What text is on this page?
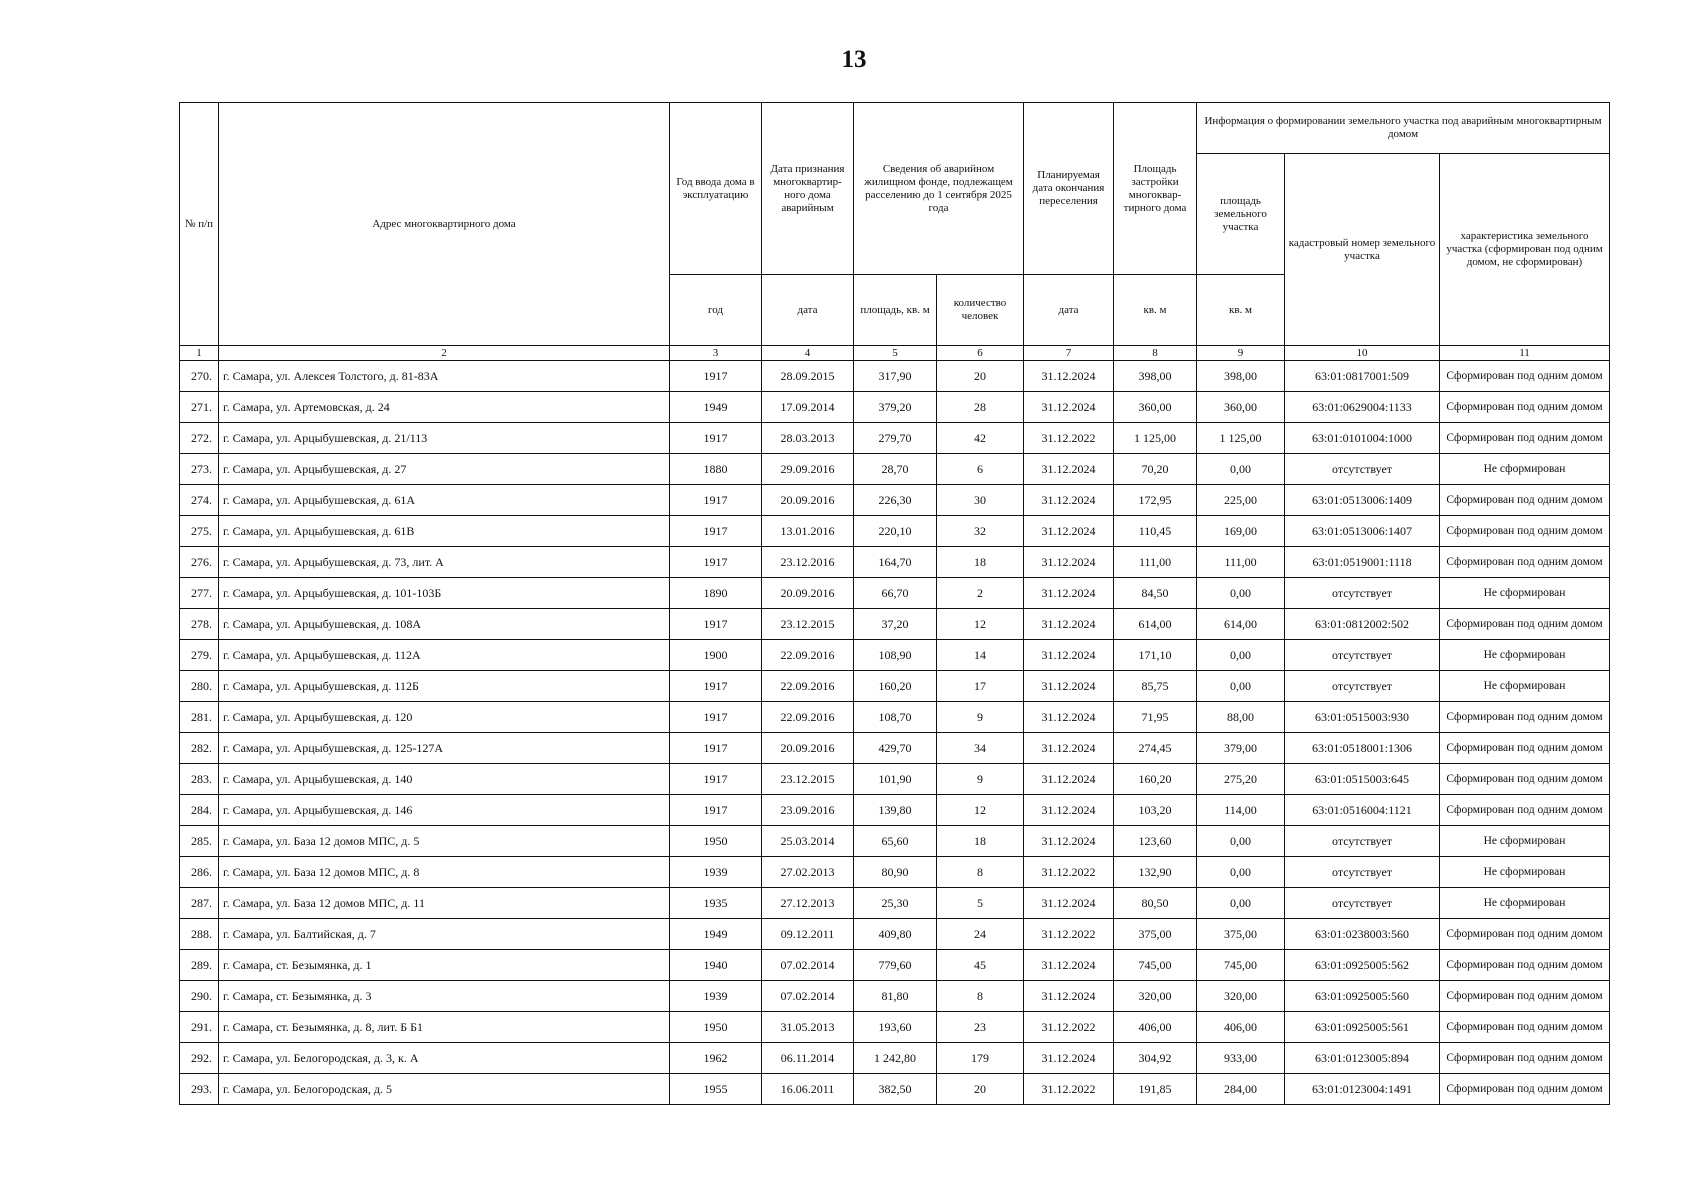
13
№ п/п	Адрес многоквартирного дома	Год ввода дома в эксплуатацию	Дата признания многоквартир-ного дома аварийным	Сведения об аварийном жилищном фонде, подлежащем расселению до 1 сентября 2025 года		Планируемая дата окончания переселения	Площадь застройки многоквар-тирного дома	Информация о формировании земельного участка под аварийным многоквартирным домом		
								площадь земельного участка	кадастровый номер земельного участка	характеристика земельного участка (сформирован под одним домом, не сформирован)
		год	дата	площадь, кв. м	количество человек	дата	кв. м	кв. м		
1	2	3	4	5	6	7	8	9	10	11
270.	г. Самара, ул. Алексея Толстого, д. 81-83А	1917	28.09.2015	317,90	20	31.12.2024	398,00	398,00	63:01:0817001:509	Сформирован под одним домом
271.	г. Самара, ул. Артемовская, д. 24	1949	17.09.2014	379,20	28	31.12.2024	360,00	360,00	63:01:0629004:1133	Сформирован под одним домом
272.	г. Самара, ул. Арцыбушевская, д. 21/113	1917	28.03.2013	279,70	42	31.12.2022	1 125,00	1 125,00	63:01:0101004:1000	Сформирован под одним домом
273.	г. Самара, ул. Арцыбушевская, д. 27	1880	29.09.2016	28,70	6	31.12.2024	70,20	0,00	отсутствует	Не сформирован
274.	г. Самара, ул. Арцыбушевская, д. 61А	1917	20.09.2016	226,30	30	31.12.2024	172,95	225,00	63:01:0513006:1409	Сформирован под одним домом
275.	г. Самара, ул. Арцыбушевская, д. 61В	1917	13.01.2016	220,10	32	31.12.2024	110,45	169,00	63:01:0513006:1407	Сформирован под одним домом
276.	г. Самара, ул. Арцыбушевская, д. 73, лит. А	1917	23.12.2016	164,70	18	31.12.2024	111,00	111,00	63:01:0519001:1118	Сформирован под одним домом
277.	г. Самара, ул. Арцыбушевская, д. 101-103Б	1890	20.09.2016	66,70	2	31.12.2024	84,50	0,00	отсутствует	Не сформирован
278.	г. Самара, ул. Арцыбушевская, д. 108А	1917	23.12.2015	37,20	12	31.12.2024	614,00	614,00	63:01:0812002:502	Сформирован под одним домом
279.	г. Самара, ул. Арцыбушевская, д. 112А	1900	22.09.2016	108,90	14	31.12.2024	171,10	0,00	отсутствует	Не сформирован
280.	г. Самара, ул. Арцыбушевская, д. 112Б	1917	22.09.2016	160,20	17	31.12.2024	85,75	0,00	отсутствует	Не сформирован
281.	г. Самара, ул. Арцыбушевская, д. 120	1917	22.09.2016	108,70	9	31.12.2024	71,95	88,00	63:01:0515003:930	Сформирован под одним домом
282.	г. Самара, ул. Арцыбушевская, д. 125-127А	1917	20.09.2016	429,70	34	31.12.2024	274,45	379,00	63:01:0518001:1306	Сформирован под одним домом
283.	г. Самара, ул. Арцыбушевская, д. 140	1917	23.12.2015	101,90	9	31.12.2024	160,20	275,20	63:01:0515003:645	Сформирован под одним домом
284.	г. Самара, ул. Арцыбушевская, д. 146	1917	23.09.2016	139,80	12	31.12.2024	103,20	114,00	63:01:0516004:1121	Сформирован под одним домом
285.	г. Самара, ул. База 12 домов МПС, д. 5	1950	25.03.2014	65,60	18	31.12.2024	123,60	0,00	отсутствует	Не сформирован
286.	г. Самара, ул. База 12 домов МПС, д. 8	1939	27.02.2013	80,90	8	31.12.2022	132,90	0,00	отсутствует	Не сформирован
287.	г. Самара, ул. База 12 домов МПС, д. 11	1935	27.12.2013	25,30	5	31.12.2024	80,50	0,00	отсутствует	Не сформирован
288.	г. Самара, ул. Балтийская, д. 7	1949	09.12.2011	409,80	24	31.12.2022	375,00	375,00	63:01:0238003:560	Сформирован под одним домом
289.	г. Самара, ст. Безымянка, д. 1	1940	07.02.2014	779,60	45	31.12.2024	745,00	745,00	63:01:0925005:562	Сформирован под одним домом
290.	г. Самара, ст. Безымянка, д. 3	1939	07.02.2014	81,80	8	31.12.2024	320,00	320,00	63:01:0925005:560	Сформирован под одним домом
291.	г. Самара, ст. Безымянка, д. 8, лит. Б Б1	1950	31.05.2013	193,60	23	31.12.2022	406,00	406,00	63:01:0925005:561	Сформирован под одним домом
292.	г. Самара, ул. Белогородская, д. 3, к. А	1962	06.11.2014	1 242,80	179	31.12.2024	304,92	933,00	63:01:0123005:894	Сформирован под одним домом
293.	г. Самара, ул. Белогородская, д. 5	1955	16.06.2011	382,50	20	31.12.2022	191,85	284,00	63:01:0123004:1491	Сформирован под одним домом
